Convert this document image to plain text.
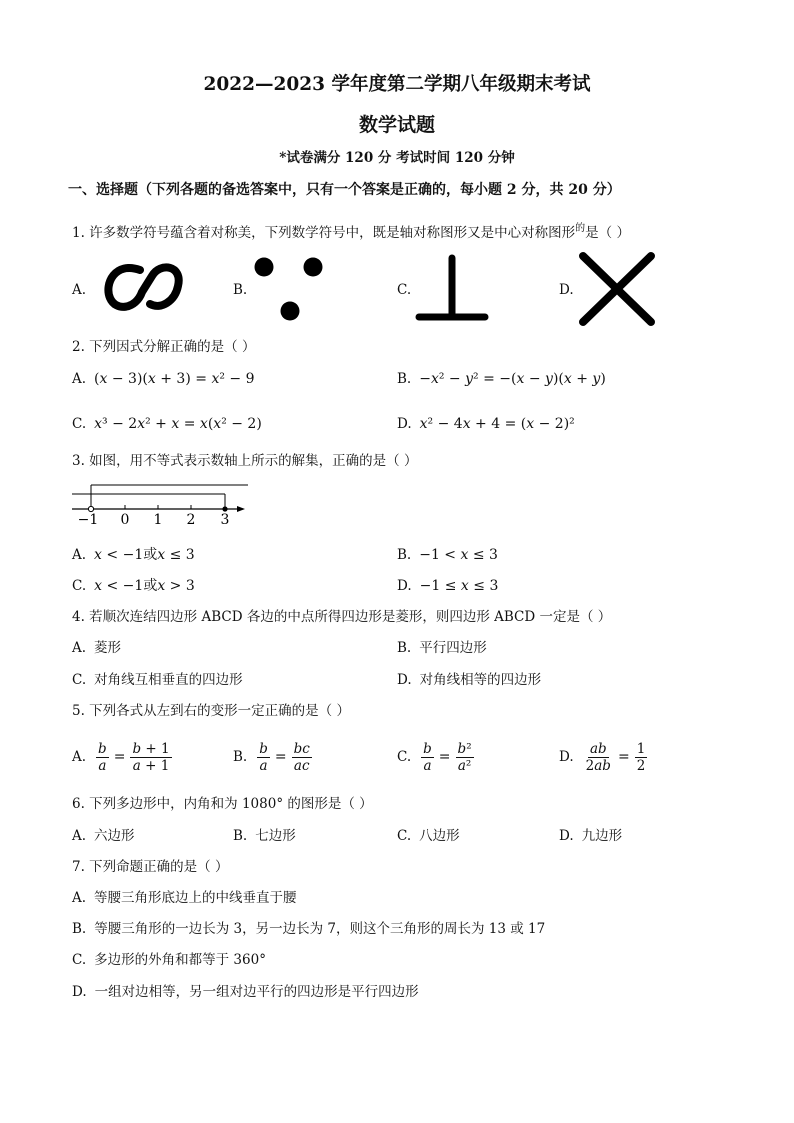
2022—2023 学年度第二学期八年级期末考试
数学试题
*试卷满分 120 分 考试时间 120 分钟
一、选择题（下列各题的备选答案中，只有一个答案是正确的，每小题 2 分，共 20 分）
1. 许多数学符号蕴含着对称美，下列数学符号中，既是轴对称图形又是中心对称图形$^的$是（ ）
A.	B.	C.	D.
2. 下列因式分解正确的是（ ）
A. (x − 3)(x + 3) = x² − 9	B. −x² − y² = −(x − y)(x + y)
C. x³ − 2x² + x = x(x² − 2)	D. x² − 4x + 4 = (x − 2)²
3. 如图，用不等式表示数轴上所示的解集，正确的是（ ）
−1 0 1 2 3
A. x < −1或x ≤ 3	B. −1 < x ≤ 3
C. x < −1或x > 3	D. −1 ≤ x ≤ 3
4. 若顺次连结四边形 ABCD 各边的中点所得四边形是菱形，则四边形 ABCD 一定是（ ）
A. 菱形	B. 平行四边形
C. 对角线互相垂直的四边形	D. 对角线相等的四边形
5. 下列各式从左到右的变形一定正确的是（ ）
A. $\frac{b}{a} = \frac{b + 1}{a + 1}$	B. $\frac{b}{a} = \frac{bc}{ac}$	C. $\frac{b}{a} = \frac{\text{b²}}{\text{a²}}$	D. $\frac{ab}{2ab} = \frac{1}{2}$
6. 下列多边形中，内角和为 1080° 的图形是（ ）
A. 六边形	B. 七边形	C. 八边形	D. 九边形
7. 下列命题正确的是（ ）
A. 等腰三角形底边上的中线垂直于腰
B. 等腰三角形的一边长为 3，另一边长为 7，则这个三角形的周长为 13 或 17
C. 多边形的外角和都等于 360°
D. 一组对边相等，另一组对边平行的四边形是平行四边形
